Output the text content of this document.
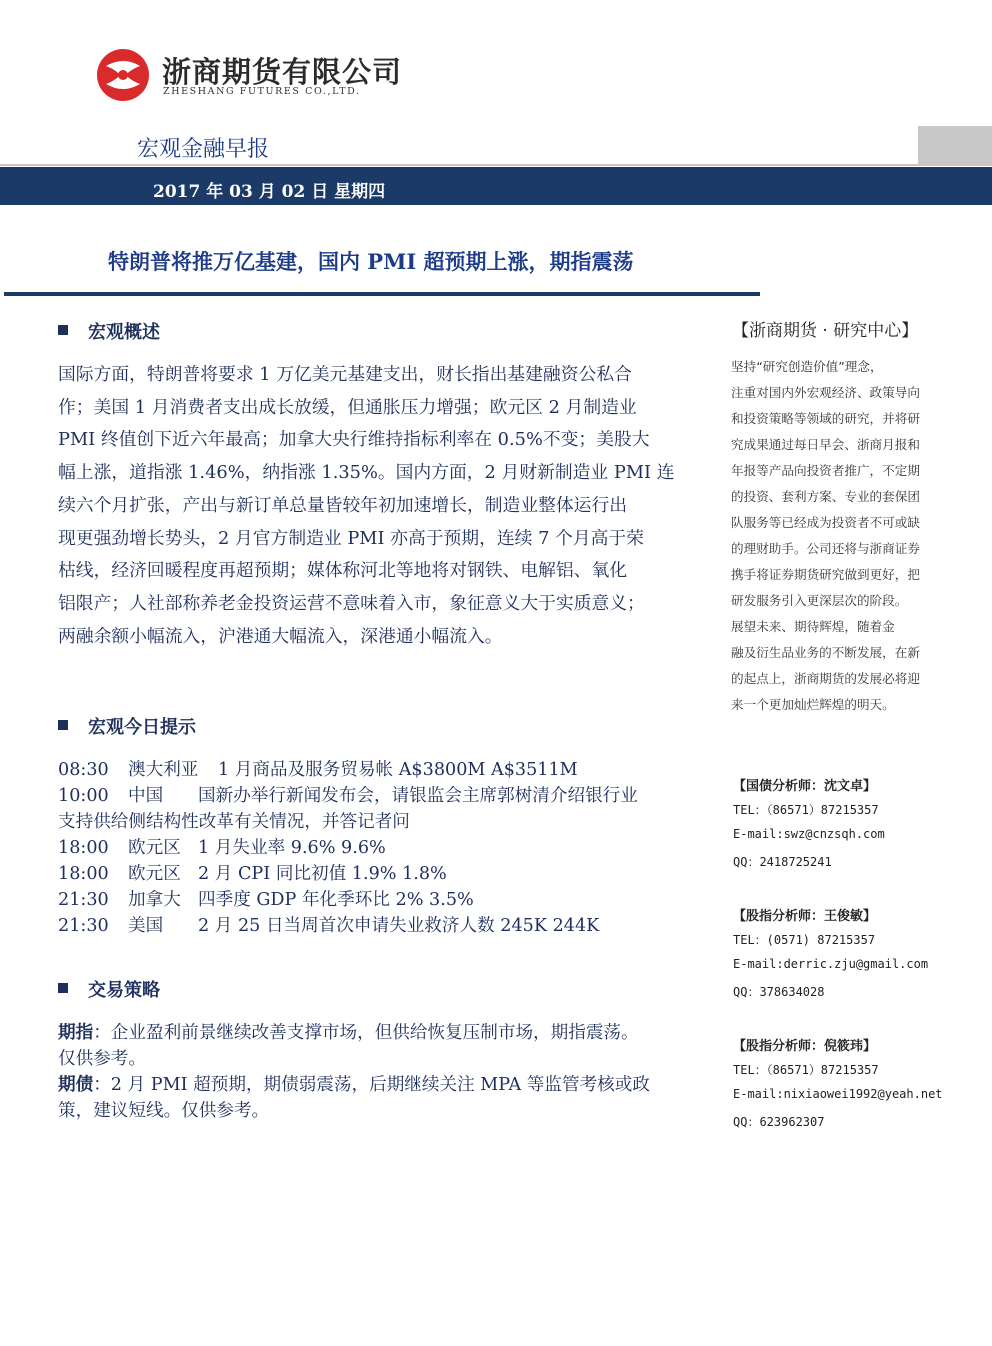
浙商期货有限公司
ZHESHANG FUTURES CO.,LTD.
宏观金融早报
2017 年 03 月 02 日 星期四
特朗普将推万亿基建，国内 PMI 超预期上涨，期指震荡
宏观概述
国际方面，特朗普将要求 1 万亿美元基建支出，财长指出基建融资公私合
作；美国 1 月消费者支出成长放缓，但通胀压力增强；欧元区 2 月制造业
PMI 终值创下近六年最高；加拿大央行维持指标利率在 0.5%不变；美股大
幅上涨，道指涨 1.46%，纳指涨 1.35%。国内方面，2 月财新制造业 PMI 连
续六个月扩张，产出与新订单总量皆较年初加速增长，制造业整体运行出
现更强劲增长势头，2 月官方制造业 PMI 亦高于预期，连续 7 个月高于荣
枯线，经济回暖程度再超预期；媒体称河北等地将对钢铁、电解铝、氧化
铝限产；人社部称养老金投资运营不意味着入市，象征意义大于实质意义；
两融余额小幅流入，沪港通大幅流入，深港通小幅流入。
宏观今日提示
08:30 澳大利亚 1 月商品及服务贸易帐 A$3800M A$3511M
10:00 中国 国新办举行新闻发布会，请银监会主席郭树清介绍银行业
支持供给侧结构性改革有关情况，并答记者问
18:00 欧元区 1 月失业率 9.6% 9.6%
18:00 欧元区 2 月 CPI 同比初值 1.9% 1.8%
21:30 加拿大 四季度 GDP 年化季环比 2% 3.5%
21:30 美国 2 月 25 日当周首次申请失业救济人数 245K 244K
交易策略
期指：企业盈利前景继续改善支撑市场，但供给恢复压制市场，期指震荡。
仅供参考。
期债：2 月 PMI 超预期，期债弱震荡，后期继续关注 MPA 等监管考核或政
策，建议短线。仅供参考。
【浙商期货 · 研究中心】
坚持“研究创造价值”理念，
注重对国内外宏观经济、政策导向
和投资策略等领域的研究，并将研
究成果通过每日早会、浙商月报和
年报等产品向投资者推广，不定期
的投资、套利方案、专业的套保团
队服务等已经成为投资者不可或缺
的理财助手。公司还将与浙商证券
携手将证券期货研究做到更好，把
研发服务引入更深层次的阶段。
展望未来、期待辉煌，随着金
融及衍生品业务的不断发展，在新
的起点上，浙商期货的发展必将迎
来一个更加灿烂辉煌的明天。
【国债分析师：沈文卓】
TEL：（86571）87215357
E-mail:swz@cnzsqh.com
QQ：2418725241
【股指分析师：王俊敏】
TEL：(0571) 87215357
E-mail:derric.zju@gmail.com
QQ：378634028
【股指分析师：倪筱玮】
TEL：（86571）87215357
E-mail:nixiaowei1992@yeah.net
QQ：623962307
